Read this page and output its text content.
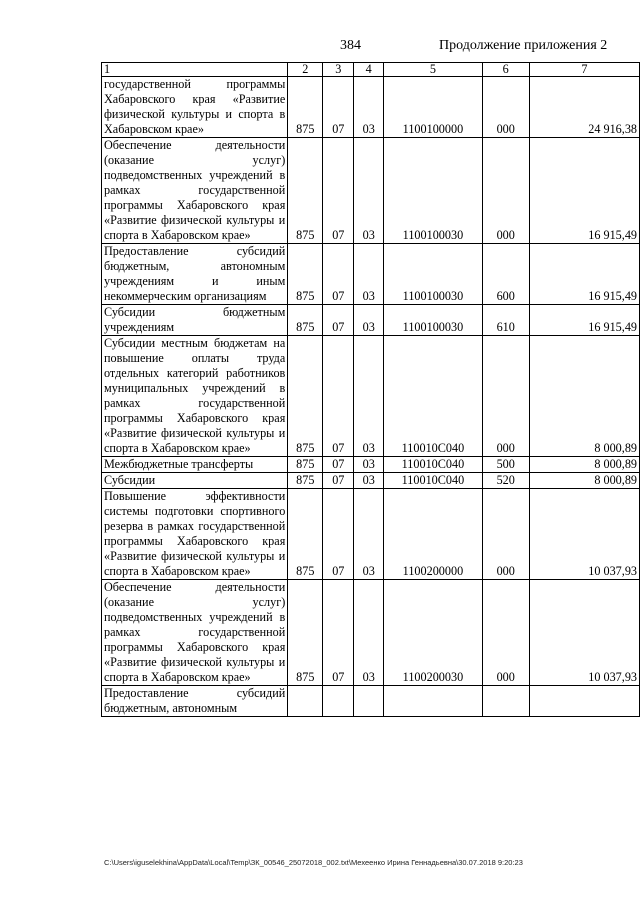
384	Продолжение приложения 2
1	2	3	4	5	6	7
государственной программы Хабаровского края «Развитие физической культуры и спорта в Хабаровском крае»	875	07	03	1100100000	000	24 916,38
Обеспечение деятельности (оказание услуг) подведомственных учреждений в рамках государственной программы Хабаровского края «Развитие физической культуры и спорта в Хабаровском крае»	875	07	03	1100100030	000	16 915,49
Предоставление субсидий бюджетным, автономным учреждениям и иным некоммерческим организациям	875	07	03	1100100030	600	16 915,49
Субсидии бюджетным учреждениям	875	07	03	1100100030	610	16 915,49
Субсидии местным бюджетам на повышение оплаты труда отдельных категорий работников муниципальных учреждений в рамках государственной программы Хабаровского края «Развитие физической культуры и спорта в Хабаровском крае»	875	07	03	110010С040	000	8 000,89
Межбюджетные трансферты	875	07	03	110010С040	500	8 000,89
Субсидии	875	07	03	110010С040	520	8 000,89
Повышение эффективности системы подготовки спортивного резерва в рамках государственной программы Хабаровского края «Развитие физической культуры и спорта в Хабаровском крае»	875	07	03	1100200000	000	10 037,93
Обеспечение деятельности (оказание услуг) подведомственных учреждений в рамках государственной программы Хабаровского края «Развитие физической культуры и спорта в Хабаровском крае»	875	07	03	1100200030	000	10 037,93
Предоставление субсидий бюджетным, автономным						
C:\Users\iguselekhina\AppData\Local\Temp\ЗК_00546_25072018_002.txt\Мехеенко Ирина Геннадьевна\30.07.2018 9:20:23
